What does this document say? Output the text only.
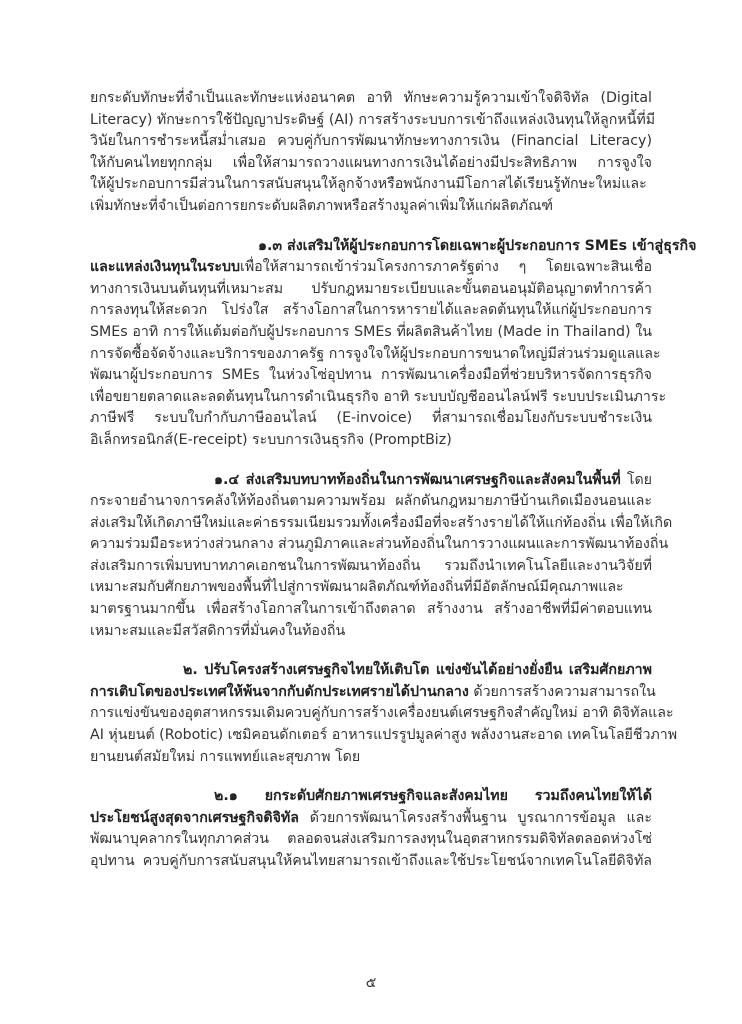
ยกระดับทักษะที่จำเป็นและทักษะแห่งอนาคต อาทิ ทักษะความรู้ความเข้าใจดิจิทัล (Digital
Literacy) ทักษะการใช้ปัญญาประดิษฐ์ (AI) การสร้างระบบการเข้าถึงแหล่งเงินทุนให้ลูกหนี้ที่มี
วินัยในการชำระหนี้สม่ำเสมอ ควบคู่กับการพัฒนาทักษะทางการเงิน (Financial Literacy)
ให้กับคนไทยทุกกลุ่ม เพื่อให้สามารถวางแผนทางการเงินได้อย่างมีประสิทธิภาพ การจูงใจ
ให้ผู้ประกอบการมีส่วนในการสนับสนุนให้ลูกจ้างหรือพนักงานมีโอกาสได้เรียนรู้ทักษะใหม่และ
เพิ่มทักษะที่จำเป็นต่อการยกระดับผลิตภาพหรือสร้างมูลค่าเพิ่มให้แก่ผลิตภัณฑ์
๑.๓ ส่งเสริมให้ผู้ประกอบการโดยเฉพาะผู้ประกอบการ SMEs เข้าสู่ธุรกิจ
และแหล่งเงินทุนในระบบเพื่อให้สามารถเข้าร่วมโครงการภาครัฐต่าง ๆ โดยเฉพาะสินเชื่อ
ทางการเงินบนต้นทุนที่เหมาะสม ปรับกฎหมายระเบียบและขั้นตอนอนุมัติอนุญาตทำการค้า
การลงทุนให้สะดวก โปร่งใส สร้างโอกาสในการหารายได้และลดต้นทุนให้แก่ผู้ประกอบการ
SMEs อาทิ การให้แต้มต่อกับผู้ประกอบการ SMEs ที่ผลิตสินค้าไทย (Made in Thailand) ใน
การจัดซื้อจัดจ้างและบริการของภาครัฐ การจูงใจให้ผู้ประกอบการขนาดใหญ่มีส่วนร่วมดูแลและ
พัฒนาผู้ประกอบการ SMEs ในห่วงโซ่อุปทาน การพัฒนาเครื่องมือที่ช่วยบริหารจัดการธุรกิจ
เพื่อขยายตลาดและลดต้นทุนในการดำเนินธุรกิจ อาทิ ระบบบัญชีออนไลน์ฟรี ระบบประเมินภาระ
ภาษีฟรี ระบบใบกำกับภาษีออนไลน์ (E-invoice) ที่สามารถเชื่อมโยงกับระบบชำระเงิน
อิเล็กทรอนิกส์(E-receipt) ระบบการเงินธุรกิจ (PromptBiz)
๑.๔ ส่งเสริมบทบาทท้องถิ่นในการพัฒนาเศรษฐกิจและสังคมในพื้นที่ โดย
กระจายอำนาจการคลังให้ท้องถิ่นตามความพร้อม ผลักดันกฎหมายภาษีบ้านเกิดเมืองนอนและ
ส่งเสริมให้เกิดภาษีใหม่และค่าธรรมเนียมรวมทั้งเครื่องมือที่จะสร้างรายได้ให้แก่ท้องถิ่น เพื่อให้เกิด
ความร่วมมือระหว่างส่วนกลาง ส่วนภูมิภาคและส่วนท้องถิ่นในการวางแผนและการพัฒนาท้องถิ่น
ส่งเสริมการเพิ่มบทบาทภาคเอกชนในการพัฒนาท้องถิ่น รวมถึงนำเทคโนโลยีและงานวิจัยที่
เหมาะสมกับศักยภาพของพื้นที่ไปสู่การพัฒนาผลิตภัณฑ์ท้องถิ่นที่มีอัตลักษณ์มีคุณภาพและ
มาตรฐานมากขึ้น เพื่อสร้างโอกาสในการเข้าถึงตลาด สร้างงาน สร้างอาชีพที่มีค่าตอบแทน
เหมาะสมและมีสวัสดิการที่มั่นคงในท้องถิ่น
๒. ปรับโครงสร้างเศรษฐกิจไทยให้เติบโต แข่งขันได้อย่างยั่งยืน เสริมศักยภาพ
การเติบโตของประเทศให้พ้นจากกับดักประเทศรายได้ปานกลาง ด้วยการสร้างความสามารถใน
การแข่งขันของอุตสาหกรรมเดิมควบคู่กับการสร้างเครื่องยนต์เศรษฐกิจสำคัญใหม่ อาทิ ดิจิทัลและ
AI หุ่นยนต์ (Robotic) เซมิคอนดักเตอร์ อาหารแปรรูปมูลค่าสูง พลังงานสะอาด เทคโนโลยีชีวภาพ
ยานยนต์สมัยใหม่ การแพทย์และสุขภาพ โดย
๒.๑ ยกระดับศักยภาพเศรษฐกิจและสังคมไทย รวมถึงคนไทยให้ได้
ประโยชน์สูงสุดจากเศรษฐกิจดิจิทัล ด้วยการพัฒนาโครงสร้างพื้นฐาน บูรณาการข้อมูล และ
พัฒนาบุคลากรในทุกภาคส่วน ตลอดจนส่งเสริมการลงทุนในอุตสาหกรรมดิจิทัลตลอดห่วงโซ่
อุปทาน ควบคู่กับการสนับสนุนให้คนไทยสามารถเข้าถึงและใช้ประโยชน์จากเทคโนโลยีดิจิทัล
๕
